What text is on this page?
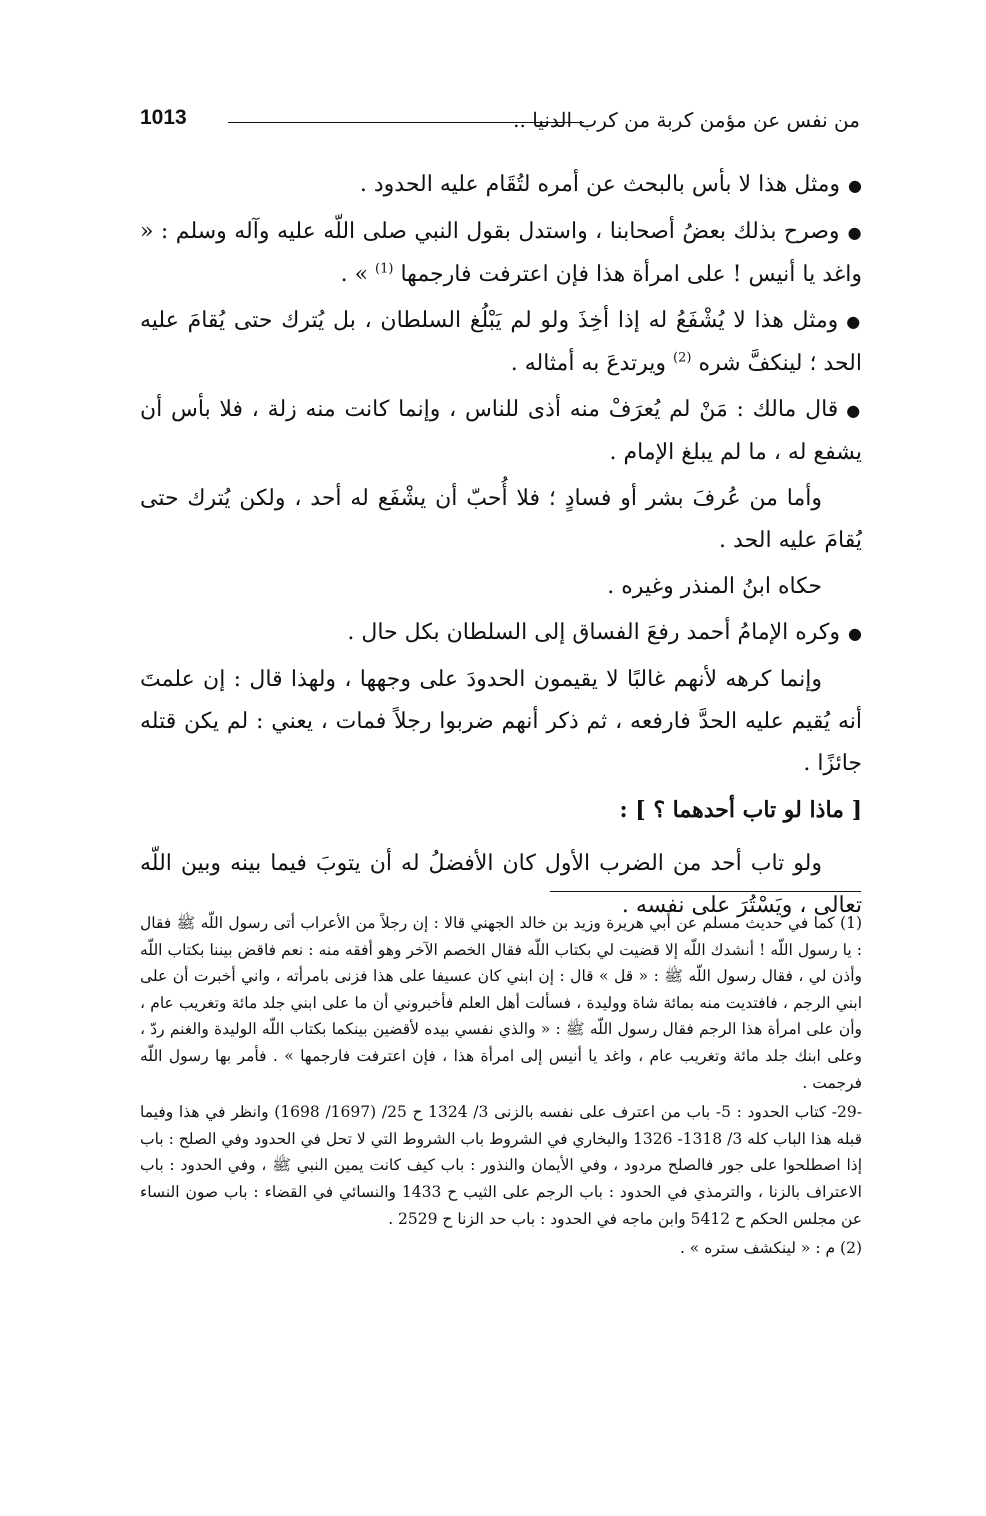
من نفس عن مؤمن كربة من كرب الدنيا ..
1013

●ومثل هذا لا بأس بالبحث عن أمره لتُقَام عليه الحدود .

●وصرح بذلك بعضُ أصحابنا ، واستدل بقول النبي صلى اللّه عليه وآله وسلم : « واغد يا أنيس ! على امرأة هذا فإن اعترفت فارجمها $^{(1)}$ » .

●ومثل هذا لا يُشْفَعُ له إذا أخِذَ ولو لم يَبْلُغ السلطان ، بل يُترك حتى يُقامَ عليه الحد ؛ لينكفَّ شره $^{(2)}$ ويرتدعَ به أمثاله .

●قال مالك : مَنْ لم يُعرَفْ منه أذى للناس ، وإنما كانت منه زلة ، فلا بأس أن يشفع له ، ما لم يبلغ الإمام .

وأما من عُرفَ بشر أو فسادٍ ؛ فلا أُحبّ أن يشْفَع له أحد ، ولكن يُترك حتى يُقامَ عليه الحد .

حكاه ابنُ المنذر وغيره .

●وكره الإمامُ أحمد رفعَ الفساق إلى السلطان بكل حال .

وإنما كرهه لأنهم غالبًا لا يقيمون الحدودَ على وجهها ، ولهذا قال : إن علمتَ أنه يُقيم عليه الحدَّ فارفعه ، ثم ذكر أنهم ضربوا رجلاً فمات ، يعني : لم يكن قتله جائزًا .

[ ماذا لو تاب أحدهما ؟ ] :

ولو تاب أحد من الضرب الأول كان الأفضلُ له أن يتوبَ فيما بينه وبين اللّه تعالى ، ويَسْتُرَ على نفسه .

(1) كما في حديث مسلم عن أبي هريرة وزيد بن خالد الجهني قالا : إن رجلاً من الأعراب أتى رسول اللّه ﷺ فقال : يا رسول اللّه ! أنشدك اللّه إلا قضيت لي بكتاب اللّه فقال الخصم الآخر وهو أفقه منه : نعم فاقض بيننا بكتاب اللّه وأذن لي ، فقال رسول اللّه ﷺ : « قل » قال : إن ابني كان عسيفا على هذا فزنى بامرأته ، واني أخبرت أن على ابني الرجم ، فافتديت منه بمائة شاة ووليدة ، فسألت أهل العلم فأخبروني أن ما على ابني جلد مائة وتغريب عام ، وأن على امرأة هذا الرجم فقال رسول اللّه ﷺ : « والذي نفسي بيده لأقضين بينكما بكتاب اللّه الوليدة والغنم ردّ ، وعلى ابنك جلد مائة وتغريب عام ، واغد يا أنيس إلى امرأة هذا ، فإن اعترفت فارجمها » . فأمر بها رسول اللّه فرجمت .

-29- كتاب الحدود : 5- باب من اعترف على نفسه بالزنى 3/ 1324 ح 25/ (1697/ 1698) وانظر في هذا وفيما قبله هذا الباب كله 3/ 1318- 1326 والبخاري في الشروط باب الشروط التي لا تحل في الحدود وفي الصلح : باب إذا اصطلحوا على جور فالصلح مردود ، وفي الأيمان والنذور : باب كيف كانت يمين النبي ﷺ ، وفي الحدود : باب الاعتراف بالزنا ، والترمذي في الحدود : باب الرجم على الثيب ح 1433 والنسائي في القضاء : باب صون النساء عن مجلس الحكم ح 5412 وابن ماجه في الحدود : باب حد الزنا ح 2529 .

(2) م : « لينكشف ستره » .
